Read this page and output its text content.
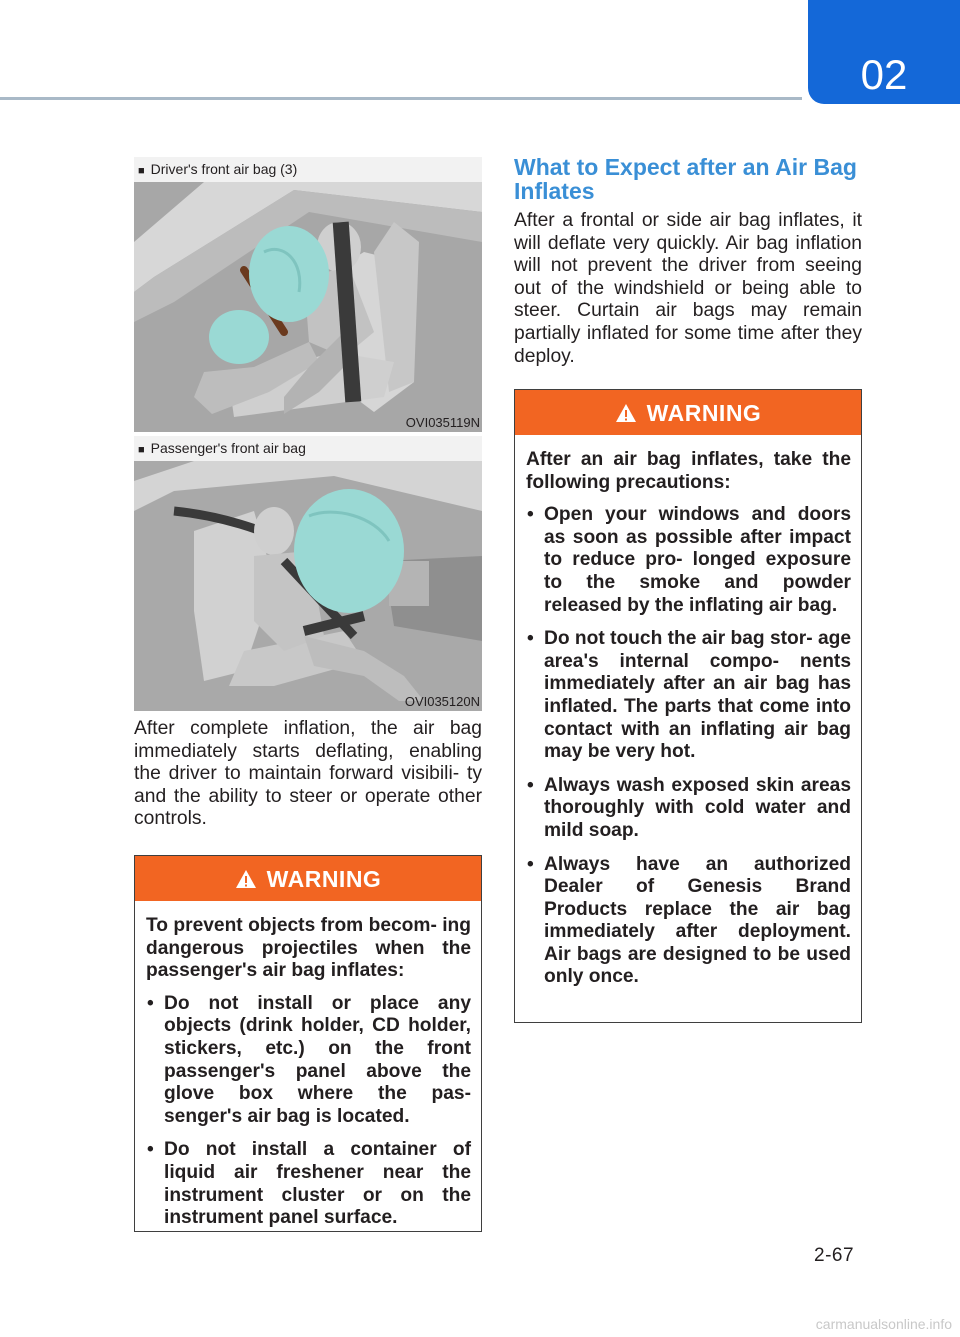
02
■ Driver's front air bag (3)
OVI035119N
■ Passenger's front air bag
OVI035120N

After complete inflation, the air bag immediately starts deflating, enabling the driver to maintain forward visibili- ty and the ability to steer or operate other controls.

WARNING

To prevent objects from becom- ing dangerous projectiles when the passenger's air bag inflates:

• Do not install or place any objects (drink holder, CD holder, stickers, etc.) on the front passenger's panel above the glove box where the pas- senger's air bag is located.
• Do not install a container of liquid air freshener near the instrument cluster or on the instrument panel surface.
What to Expect after an Air Bag Inflates

After a frontal or side air bag inflates, it will deflate very quickly. Air bag inflation will not prevent the driver from seeing out of the windshield or being able to steer. Curtain air bags may remain partially inflated for some time after they deploy.

WARNING

After an air bag inflates, take the following precautions:

• Open your windows and doors as soon as possible after impact to reduce pro- longed exposure to the smoke and powder released by the inflating air bag.
• Do not touch the air bag stor- age area's internal compo- nents immediately after an air bag has inflated. The parts that come into contact with an inflating air bag may be very hot.
• Always wash exposed skin areas thoroughly with cold water and mild soap.
• Always have an authorized Dealer of Genesis Brand Products replace the air bag immediately after deployment. Air bags are designed to be used only once.
2-67
carmanualsonline.info
